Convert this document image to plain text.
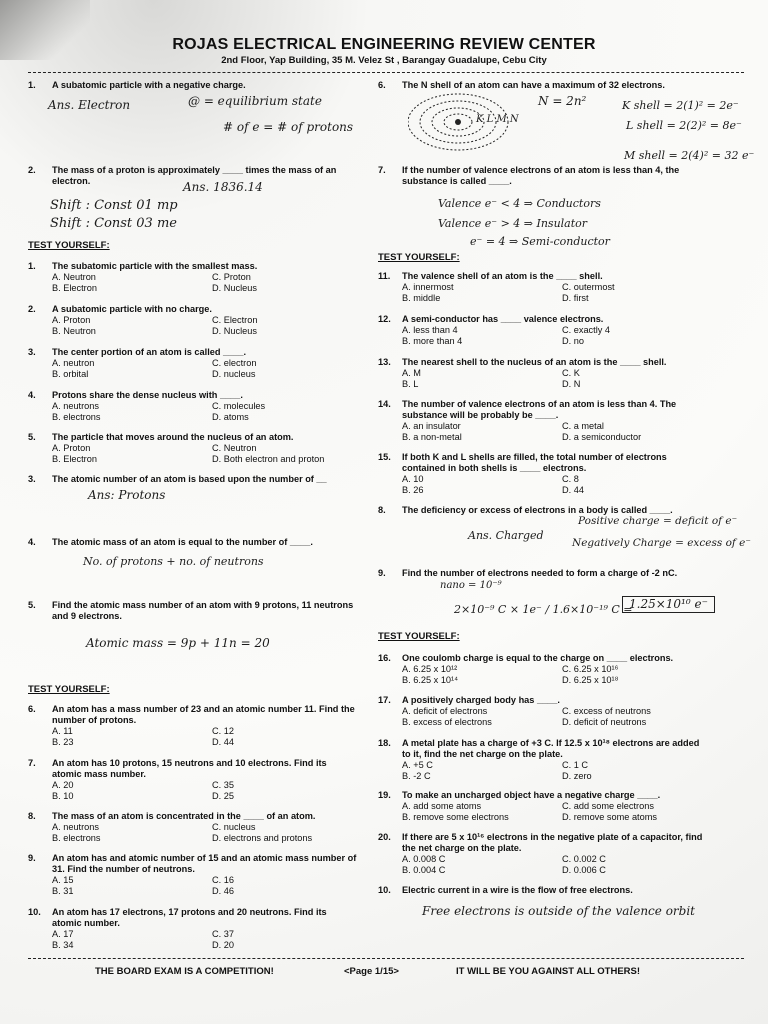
ROJAS ELECTRICAL ENGINEERING REVIEW CENTER
2nd Floor, Yap Building, 35 M. Velez St , Barangay Guadalupe, Cebu City
1.	A subatomic particle with a negative charge.
Ans. Electron	@ = equilibrium state
# of e = # of protons
2.	The mass of a proton is approximately ____ times the mass of an electron.	Ans. 1836.14
Shift : Const 01 mp
Shift : Const 03 me
TEST YOURSELF:
1.	The subatomic particle with the smallest mass.
A. Neutron	C. Proton
B. Electron	D. Nucleus
2.	A subatomic particle with no charge.
A. Proton	C. Electron
B. Neutron	D. Nucleus
3.	The center portion of an atom is called ____.
A. neutron	C. electron
B. orbital	D. nucleus
4.	Protons share the dense nucleus with ____.
A. neutrons	C. molecules
B. electrons	D. atoms
5.	The particle that moves around the nucleus of an atom.
A. Proton	C. Neutron
B. Electron	D. Both electron and proton
3.	The atomic number of an atom is based upon the number of __
Ans: Protons
4.	The atomic mass of an atom is equal to the number of ____.
No. of protons + no. of neutrons
5.	Find the atomic mass number of an atom with 9 protons, 11 neutrons and 9 electrons.
Atomic mass = 9p + 11n = 20
TEST YOURSELF:
6.	An atom has a mass number of 23 and an atomic number 11. Find the number of protons.
A. 11	C. 12
B. 23	D. 44
7.	An atom has 10 protons, 15 neutrons and 10 electrons. Find its atomic mass number.
A. 20	C. 35
B. 10	D. 25
8.	The mass of an atom is concentrated in the ____ of an atom.
A. neutrons	C. nucleus
B. electrons	D. electrons and protons
9.	An atom has and atomic number of 15 and an atomic mass number of 31. Find the number of neutrons.
A. 15	C. 16
B. 31	D. 46
10.	An atom has 17 electrons, 17 protons and 20 neutrons. Find its atomic number.
A. 17	C. 37
B. 34	D. 20
6.	The N shell of an atom can have a maximum of 32 electrons.
K L M N
N = 2n²	K shell = 2(1)² = 2e⁻
L shell = 2(2)² = 8e⁻
M shell = 2(4)² = 32 e⁻
7.	If the number of valence electrons of an atom is less than 4, the substance is called ____.
Valence e⁻ < 4 ⇒ Conductors
Valence e⁻ > 4 ⇒ Insulator
e⁻ = 4 ⇒ Semi-conductor
TEST YOURSELF:
11.	The valence shell of an atom is the ____ shell.
A. innermost	C. outermost
B. middle	D. first
12.	A semi-conductor has ____ valence electrons.
A. less than 4	C. exactly 4
B. more than 4	D. no
13.	The nearest shell to the nucleus of an atom is the ____ shell.
A. M	C. K
B. L	D. N
14.	The number of valence electrons of an atom is less than 4. The substance will be probably be ____.
A. an insulator	C. a metal
B. a non-metal	D. a semiconductor
15.	If both K and L shells are filled, the total number of electrons contained in both shells is ____ electrons.
A. 10	C. 8
B. 26	D. 44
8.	The deficiency or excess of electrons in a body is called ____.
Ans. Charged
Positive charge = deficit of e⁻
Negatively Charge = excess of e⁻
9.	Find the number of electrons needed to form a charge of -2 nC.
nano = 10⁻⁹
2×10⁻⁹ C × 1e⁻ / 1.6×10⁻¹⁹ C =
1.25×10¹⁰ e⁻
TEST YOURSELF:
16.	One coulomb charge is equal to the charge on ____ electrons.
A. 6.25 x 10¹²	C. 6.25 x 10¹⁶
B. 6.25 x 10¹⁴	D. 6.25 x 10¹⁸
17.	A positively charged body has ____.
A. deficit of electrons	C. excess of neutrons
B. excess of electrons	D. deficit of neutrons
18.	A metal plate has a charge of +3 C. If 12.5 x 10¹⁸ electrons are added to it, find the net charge on the plate.
A. +5 C	C. 1 C
B. -2 C	D. zero
19.	To make an uncharged object have a negative charge ____.
A. add some atoms	C. add some electrons
B. remove some electrons	D. remove some atoms
20.	If there are 5 x 10¹⁶ electrons in the negative plate of a capacitor, find the net charge on the plate.
A. 0.008 C	C. 0.002 C
B. 0.004 C	D. 0.006 C
10.	Electric current in a wire is the flow of free electrons.
Free electrons is outside of the valence orbit
THE BOARD EXAM IS A COMPETITION!	<Page 1/15>	IT WILL BE YOU AGAINST ALL OTHERS!
